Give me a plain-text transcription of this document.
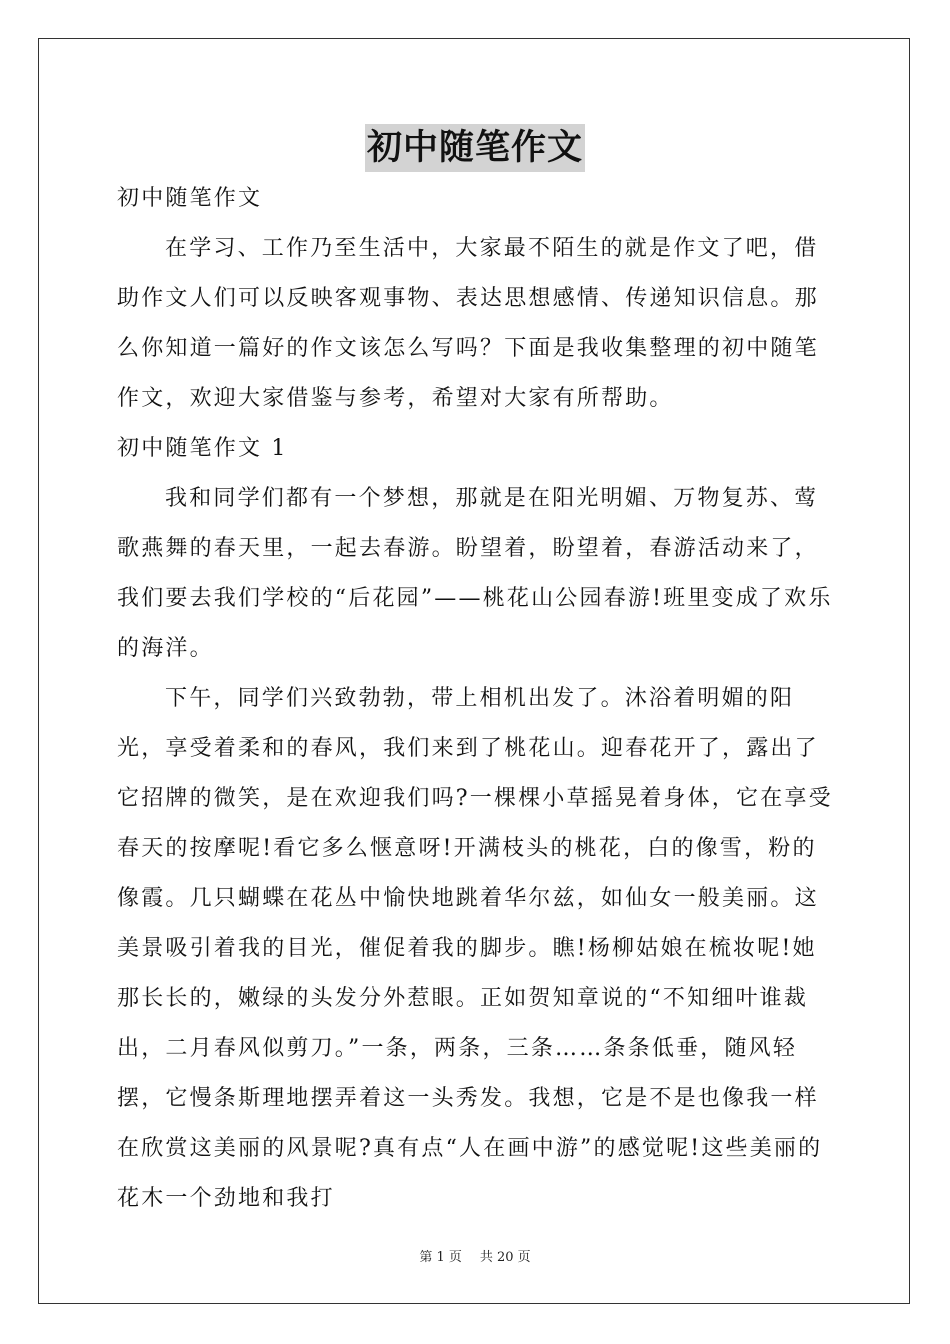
初中随笔作文

初中随笔作文

在学习、工作乃至生活中，大家最不陌生的就是作文了吧，借助作文人们可以反映客观事物、表达思想感情、传递知识信息。那么你知道一篇好的作文该怎么写吗？下面是我收集整理的初中随笔作文，欢迎大家借鉴与参考，希望对大家有所帮助。

初中随笔作文 1

我和同学们都有一个梦想，那就是在阳光明媚、万物复苏、莺歌燕舞的春天里，一起去春游。盼望着，盼望着，春游活动来了，我们要去我们学校的“后花园”——桃花山公园春游!班里变成了欢乐的海洋。

下午，同学们兴致勃勃，带上相机出发了。沐浴着明媚的阳光，享受着柔和的春风，我们来到了桃花山。迎春花开了，露出了它招牌的微笑，是在欢迎我们吗?一棵棵小草摇晃着身体，它在享受春天的按摩呢!看它多么惬意呀!开满枝头的桃花，白的像雪，粉的像霞。几只蝴蝶在花丛中愉快地跳着华尔兹，如仙女一般美丽。这美景吸引着我的目光，催促着我的脚步。瞧!杨柳姑娘在梳妆呢!她那长长的，嫩绿的头发分外惹眼。正如贺知章说的“不知细叶谁裁出，二月春风似剪刀。”一条，两条，三条……条条低垂，随风轻摆，它慢条斯理地摆弄着这一头秀发。我想，它是不是也像我一样在欣赏这美丽的风景呢?真有点“人在画中游”的感觉呢!这些美丽的花木一个劲地和我打

第 1 页 共 20 页
